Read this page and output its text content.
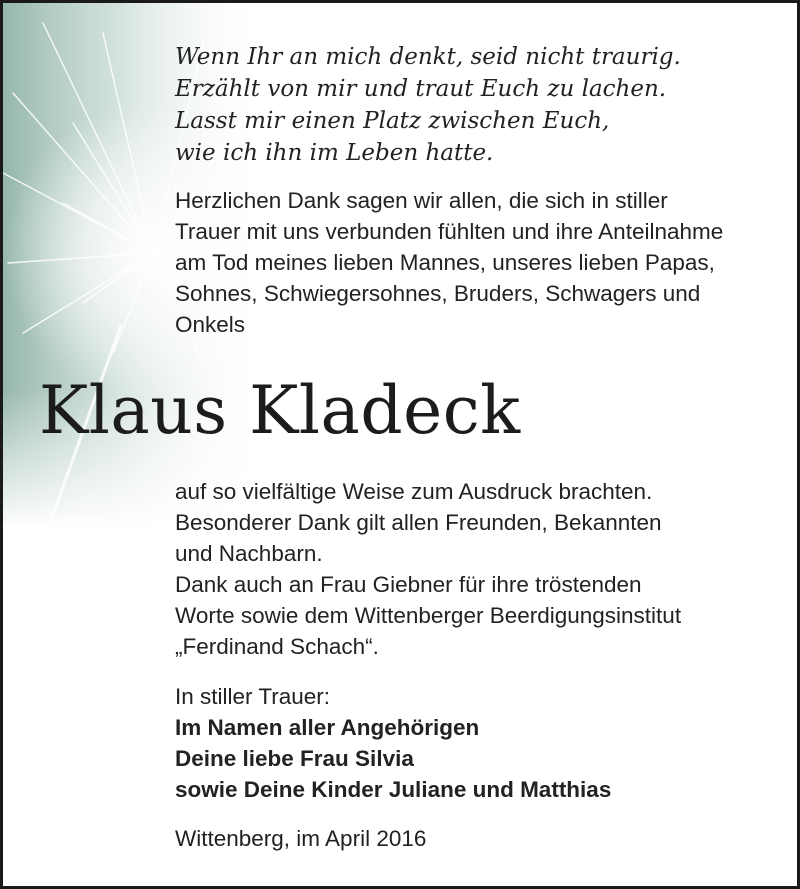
Wenn Ihr an mich denkt, seid nicht traurig.
Erzählt von mir und traut Euch zu lachen.
Lasst mir einen Platz zwischen Euch,
wie ich ihn im Leben hatte.
Herzlichen Dank sagen wir allen, die sich in stiller
Trauer mit uns verbunden fühlten und ihre Anteilnahme
am Tod meines lieben Mannes, unseres lieben Papas,
Sohnes, Schwiegersohnes, Bruders, Schwagers und
Onkels
Klaus Kladeck
auf so vielfältige Weise zum Ausdruck brachten.
Besonderer Dank gilt allen Freunden, Bekannten
und Nachbarn.
Dank auch an Frau Giebner für ihre tröstenden
Worte sowie dem Wittenberger Beerdigungsinstitut
„Ferdinand Schach“.
In stiller Trauer:
Im Namen aller Angehörigen
Deine liebe Frau Silvia
sowie Deine Kinder Juliane und Matthias
Wittenberg, im April 2016
